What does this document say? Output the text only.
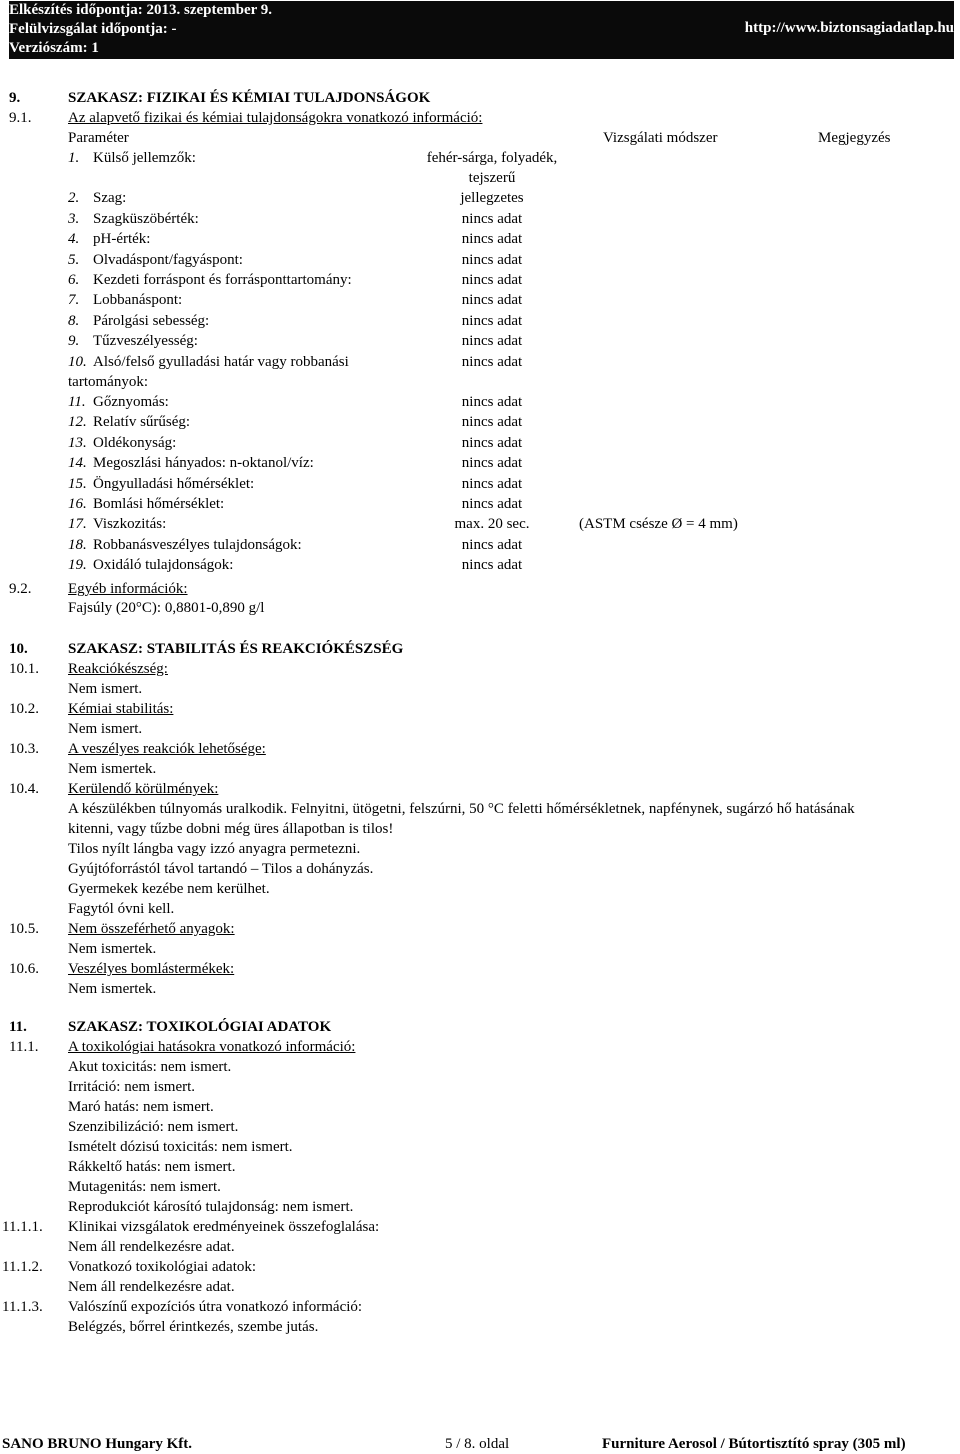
Elkészítés időpontja: 2013. szeptember 9.
Felülvizsgálat időpontja: -
Verziószám: 1
http://www.biztonsagiadatlap.hu
9.	SZAKASZ: FIZIKAI ÉS KÉMIAI TULAJDONSÁGOK
9.1. Az alapvető fizikai és kémiai tulajdonságokra vonatkozó információ:
Paraméter	Vizsgálati módszer	Megjegyzés
9.2. Egyéb információk:
Fajsúly (20°C): 0,8801-0,890 g/l
10.	SZAKASZ: STABILITÁS ÉS REAKCIÓKÉSZSÉG
11.	SZAKASZ: TOXIKOLÓGIAI ADATOK
11.1. A toxikológiai hatásokra vonatkozó információ:
SANO BRUNO Hungary Kft.	5 / 8. oldal	Furniture Aerosol / Bútortisztító spray (305 ml)
1. Külső jellemzők:	fehér-sárga, folyadék,
tejszerű
2. Szag:	jellegzetes
3. Szagküszöbérték:	nincs adat
4. pH-érték:	nincs adat
5. Olvadáspont/fagyáspont:	nincs adat
6. Kezdeti forráspont és forrásponttartomány:	nincs adat
7. Lobbanáspont:	nincs adat
8. Párolgási sebesség:	nincs adat
9. Tűzveszélyesség:	nincs adat
10. Alsó/felső gyulladási határ vagy robbanási	nincs adat
tartományok:
11. Gőznyomás:	nincs adat
12. Relatív sűrűség:	nincs adat
13. Oldékonyság:	nincs adat
14. Megoszlási hányados: n-oktanol/víz:	nincs adat
15. Öngyulladási hőmérséklet:	nincs adat
16. Bomlási hőmérséklet:	nincs adat
17. Viszkozitás:	max. 20 sec.	(ASTM csésze Ø = 4 mm)
18. Robbanásveszélyes tulajdonságok:	nincs adat
19. Oxidáló tulajdonságok:	nincs adat
10.1. Reakciókészség:
Nem ismert.
10.2. Kémiai stabilitás:
Nem ismert.
10.3. A veszélyes reakciók lehetősége:
Nem ismertek.
10.4. Kerülendő körülmények:
A készülékben túlnyomás uralkodik. Felnyitni, ütögetni, felszúrni, 50 °C feletti hőmérsékletnek, napfénynek, sugárzó hő hatásának
kitenni, vagy tűzbe dobni még üres állapotban is tilos!
Tilos nyílt lángba vagy izzó anyagra permetezni.
Gyújtóforrástól távol tartandó – Tilos a dohányzás.
Gyermekek kezébe nem kerülhet.
Fagytól óvni kell.
10.5. Nem összeférhető anyagok:
Nem ismertek.
10.6. Veszélyes bomlástermékek:
Nem ismertek.
Akut toxicitás: nem ismert.
Irritáció: nem ismert.
Maró hatás: nem ismert.
Szenzibilizáció: nem ismert.
Ismételt dózisú toxicitás: nem ismert.
Rákkeltő hatás: nem ismert.
Mutagenitás: nem ismert.
Reprodukciót károsító tulajdonság: nem ismert.
11.1.1. Klinikai vizsgálatok eredményeinek összefoglalása:
Nem áll rendelkezésre adat.
11.1.2. Vonatkozó toxikológiai adatok:
Nem áll rendelkezésre adat.
11.1.3. Valószínű expozíciós útra vonatkozó információ:
Belégzés, bőrrel érintkezés, szembe jutás.
